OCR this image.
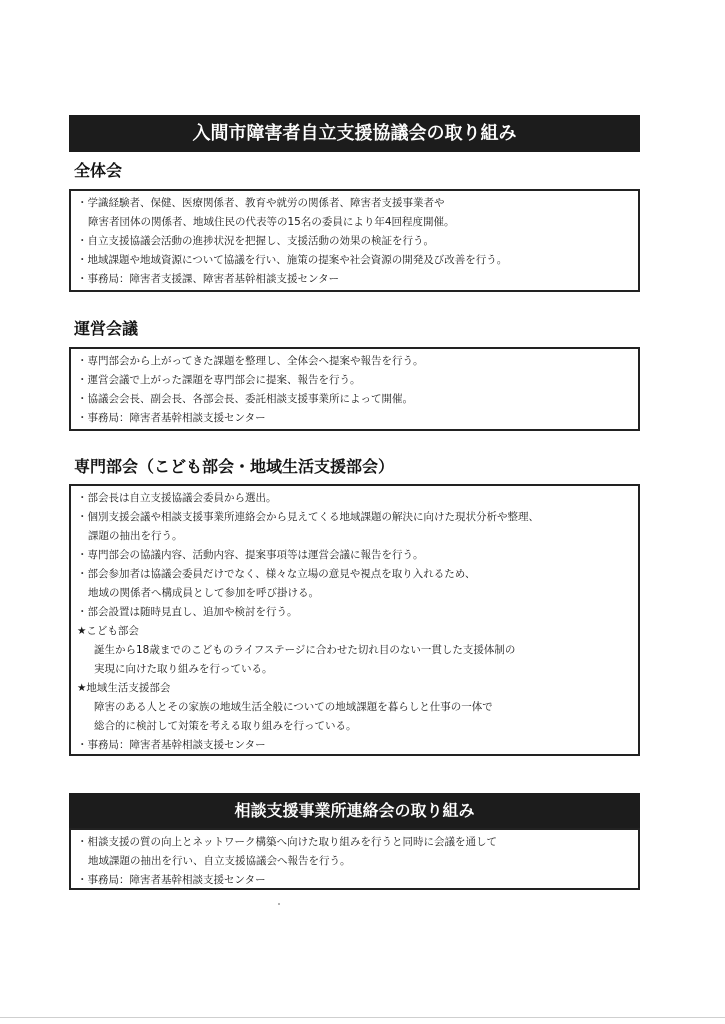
入間市障害者自立支援協議会の取り組み
全体会
・学識経験者、保健、医療関係者、教育や就労の関係者、障害者支援事業者や
障害者団体の関係者、地域住民の代表等の15名の委員により年4回程度開催。
・自立支援協議会活動の進捗状況を把握し、支援活動の効果の検証を行う。
・地域課題や地域資源について協議を行い、施策の提案や社会資源の開発及び改善を行う。
・事務局：障害者支援課、障害者基幹相談支援センター
運営会議
・専門部会から上がってきた課題を整理し、全体会へ提案や報告を行う。
・運営会議で上がった課題を専門部会に提案、報告を行う。
・協議会会長、副会長、各部会長、委託相談支援事業所によって開催。
・事務局：障害者基幹相談支援センター
専門部会（こども部会・地域生活支援部会）
・部会長は自立支援協議会委員から選出。
・個別支援会議や相談支援事業所連絡会から見えてくる地域課題の解決に向けた現状分析や整理、
課題の抽出を行う。
・専門部会の協議内容、活動内容、提案事項等は運営会議に報告を行う。
・部会参加者は協議会委員だけでなく、様々な立場の意見や視点を取り入れるため、
地域の関係者へ構成員として参加を呼び掛ける。
・部会設置は随時見直し、追加や検討を行う。
★こども部会
誕生から18歳までのこどものライフステージに合わせた切れ目のない一貫した支援体制の
実現に向けた取り組みを行っている。
★地域生活支援部会
障害のある人とその家族の地域生活全般についての地域課題を暮らしと仕事の一体で
総合的に検討して対策を考える取り組みを行っている。
・事務局：障害者基幹相談支援センター
相談支援事業所連絡会の取り組み
・相談支援の質の向上とネットワーク構築へ向けた取り組みを行うと同時に会議を通して
地域課題の抽出を行い、自立支援協議会へ報告を行う。
・事務局：障害者基幹相談支援センター
